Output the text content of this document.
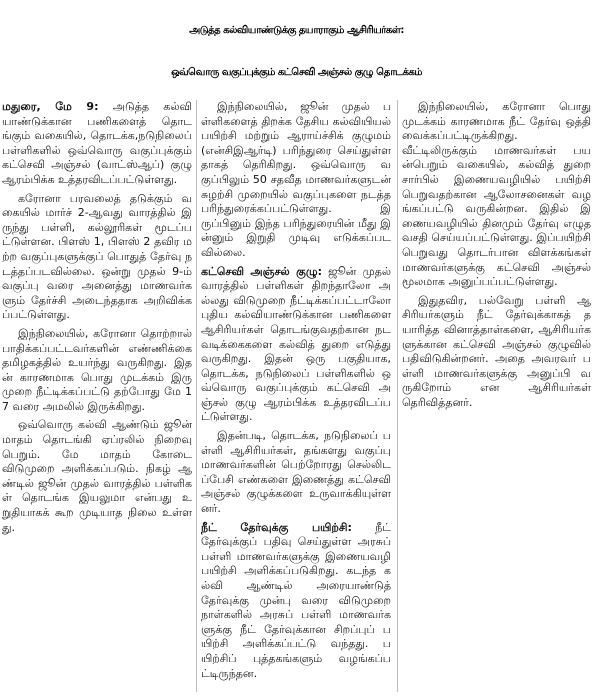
அடுத்த கல்வியாண்டுக்கு தயாராகும் ஆசிரியர்கள்:
ஒவ்வொரு வகுப்புக்கும் கட்செவி அஞ்சல் குழு தொடக்கம்

மதுரை, மே 9: அடுத்த கல்வி யாண்டுக்கான பணிகளைத் தொடங்கும் வகையில், தொடக்க,நடுநிலைப் பள்ளிகளில் ஒவ்வொரு வகுப்புக்கும் கட்செவி அஞ்சல் (வாட்ஸ்ஆப்) குழு ஆரம்பிக்க உத்தரவிடப்பட்டுள்ளது.

கரோனா பரவலைத் தடுக்கும் வகையில் மார்ச் 2-ஆவது வாரத்தில் இருந்து பள்ளி, கல்லூரிகள் மூடப்பட்டுள்ளன. பிளஸ் 1, பிளஸ் 2 தவிர மற்ற வகுப்புகளுக்குப் பொதுத் தேர்வு நடத்தப்படவில்லை. ஒன்று முதல் 9-ம் வகுப்பு வரை அனைத்து மாணவர்களும் தேர்ச்சி அடைந்ததாக அறிவிக்கப்பட்டுள்ளது.

இந்நிலையில், கரோனா தொற்றால் பாதிக்கப்பட்டவர்களின் எண்ணிக்கை தமிழகத்தில் உயர்ந்து வருகிறது. இதன் காரணமாக பொது முடக்கம் இரு முறை நீட்டிக்கப்பட்டு தற்போது மே 17 வரை அமலில் இருக்கிறது.

ஒவ்வொரு கல்வி ஆண்டும் ஜூன் மாதம் தொடங்கி ஏப்ரலில் நிறைவு பெறும். மே மாதம் கோடை விடுமுறை அளிக்கப்படும். நிகழ் ஆண்டில் ஜூன் முதல் வாரத்தில் பள்ளிகள் தொடங்க இயலுமா என்பது உறுதியாகக் கூற முடியாத நிலை உள்ளது.

இந்நிலையில், ஜூன் முதல் பள்ளிகளைத் திறக்க தேசிய கல்வியியல் பயிற்சி மற்றும் ஆராய்ச்சிக் குழுமம் (என்சிஇஆர்டி) பரிந்துரை செய்துள்ளதாகத் தெரிகிறது. ஒவ்வொரு வகுப்பிலும் 50 சதவீத மாணவர்களுடன் சுழற்சி முறையில் வகுப்புகளை நடத்த பரிந்துரைக்கப்பட்டுள்ளது. இருப்பினும் இந்த பரிந்துரையின் மீது இன்னும் இறுதி முடிவு எடுக்கப்படவில்லை.

கட்செவி அஞ்சல் குழு: ஜூன் முதல் வாரத்தில் பள்ளிகள் திறந்தாலோ அல்லது விடுமுறை நீட்டிக்கப்பட்டாலோ புதிய கல்வியாண்டுக்கான பணிகளை ஆசிரியர்கள் தொடங்குவதற்கான நடவடிக்கைகளை கல்வித் துறை எடுத்து வருகிறது. இதன் ஒரு பகுதியாக, தொடக்க, நடுநிலைப் பள்ளிகளில் ஒவ்வொரு வகுப்புக்கும் கட்செவி அஞ்சல் குழு ஆரம்பிக்க உத்தரவிடப்பட்டுள்ளது.

இதன்படி, தொடக்க, நடுநிலைப் பள்ளி ஆசிரியர்கள், தங்களது வகுப்பு மாணவர்களின் பெற்றோரது செல்லிடப்பேசி எண்களை இணைத்து கட்செவி அஞ்சல் குழுக்களை உருவாக்கியுள்ளனர்.

நீட் தேர்வுக்கு பயிற்சி: நீட் தேர்வுக்குப் பதிவு செய்துள்ள அரசுப் பள்ளி மாணவர்களுக்கு இணையவழி பயிற்சி அளிக்கப்படுகிறது. கடந்த கல்வி ஆண்டில் அரையாண்டுத் தேர்வுக்கு முன்பு வரை விடுமுறை நாள்களில் அரசுப் பள்ளி மாணவர்களுக்கு நீட் தேர்வுக்கான சிறப்புப் பயிற்சி அளிக்கப்பட்டு வந்தது. பயிற்சிப் புத்தகங்களும் வழங்கப்பட்டிருந்தன.

இந்நிலையில், கரோனா பொது முடக்கம் காரணமாக நீட் தேர்வு ஒத்தி வைக்கப்பட்டிருக்கிறது. வீட்டிலிருக்கும் மாணவர்கள் பயன்பெறும் வகையில், கல்வித் துறை சார்பில் இணையவழியில் பயிற்சி பெறுவதற்கான ஆலோசனைகள் வழங்கப்பட்டு வருகின்றன. இதில் இணையவழியில் தினமும் தேர்வு எழுத வசதி செய்யப்பட்டுள்ளது. இப்பயிற்சி பெறுவது தொடர்பான விளக்கங்கள் மாணவர்களுக்கு கட்செவி அஞ்சல் மூலமாக அனுப்பப்பட்டுள்ளது.

இதுதவிர, பல்வேறு பள்ளி ஆசிரியர்களும் நீட் தேர்வுக்காகத் தயாரித்த வினாத்தாள்களை, ஆசிரியர்களுக்கான கட்செவி அஞ்சல் குழுவில் பதிவிடுகின்றனர். அதை அவரவர் பள்ளி மாணவர்களுக்கு அனுப்பி வருகிறோம் என ஆசிரியர்கள் தெரிவித்தனர்.
